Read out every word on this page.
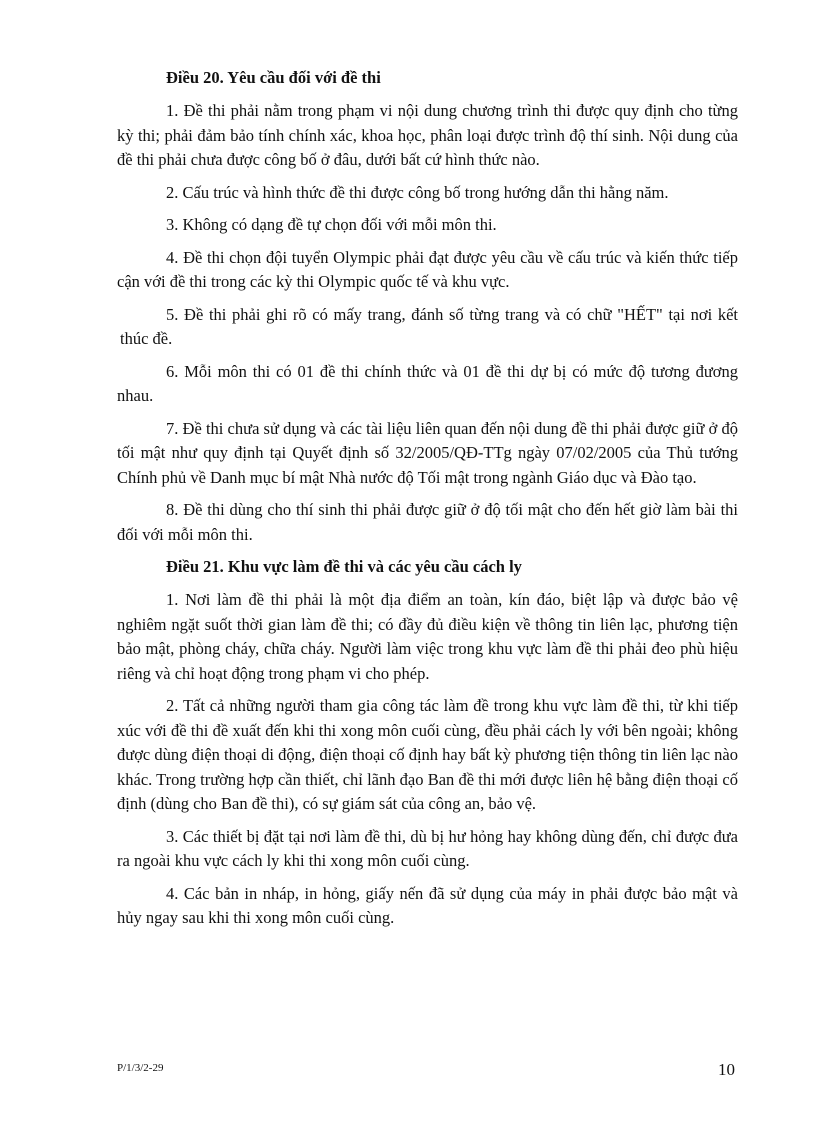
Điều 20. Yêu cầu đối với đề thi

1. Đề thi phải nằm trong phạm vi nội dung chương trình thi được quy định cho từng kỳ thi; phải đảm bảo tính chính xác, khoa học, phân loại được trình độ thí sinh. Nội dung của đề thi phải chưa được công bố ở đâu, dưới bất cứ hình thức nào.

2. Cấu trúc và hình thức đề thi được công bố trong hướng dẫn thi hằng năm.

3. Không có dạng đề tự chọn đối với mỗi môn thi.

4. Đề thi chọn đội tuyển Olympic phải đạt được yêu cầu về cấu trúc và kiến thức tiếp cận với đề thi trong các kỳ thi Olympic quốc tế và khu vực.

5. Đề thi phải ghi rõ có mấy trang, đánh số từng trang và có chữ "HẾT" tại nơi kết thúc đề.

6. Mỗi môn thi có 01 đề thi chính thức và 01 đề thi dự bị có mức độ tương đương nhau.

7. Đề thi chưa sử dụng và các tài liệu liên quan đến nội dung đề thi phải được giữ ở độ tối mật như quy định tại Quyết định số 32/2005/QĐ-TTg ngày 07/02/2005 của Thủ tướng Chính phủ về Danh mục bí mật Nhà nước độ Tối mật trong ngành Giáo dục và Đào tạo.

8. Đề thi dùng cho thí sinh thi phải được giữ ở độ tối mật cho đến hết giờ làm bài thi đối với mỗi môn thi.

Điều 21. Khu vực làm đề thi và các yêu cầu cách ly

1. Nơi làm đề thi phải là một địa điểm an toàn, kín đáo, biệt lập và được bảo vệ nghiêm ngặt suốt thời gian làm đề thi; có đầy đủ điều kiện về thông tin liên lạc, phương tiện bảo mật, phòng cháy, chữa cháy. Người làm việc trong khu vực làm đề thi phải đeo phù hiệu riêng và chỉ hoạt động trong phạm vi cho phép.

2. Tất cả những người tham gia công tác làm đề trong khu vực làm đề thi, từ khi tiếp xúc với đề thi đề xuất đến khi thi xong môn cuối cùng, đều phải cách ly với bên ngoài; không được dùng điện thoại di động, điện thoại cố định hay bất kỳ phương tiện thông tin liên lạc nào khác. Trong trường hợp cần thiết, chỉ lãnh đạo Ban đề thi mới được liên hệ bằng điện thoại cố định (dùng cho Ban đề thi), có sự giám sát của công an, bảo vệ.

3. Các thiết bị đặt tại nơi làm đề thi, dù bị hư hỏng hay không dùng đến, chỉ được đưa ra ngoài khu vực cách ly khi thi xong môn cuối cùng.

4. Các bản in nháp, in hỏng, giấy nến đã sử dụng của máy in phải được bảo mật và hủy ngay sau khi thi xong môn cuối cùng.

P/1/3/2-29	10
